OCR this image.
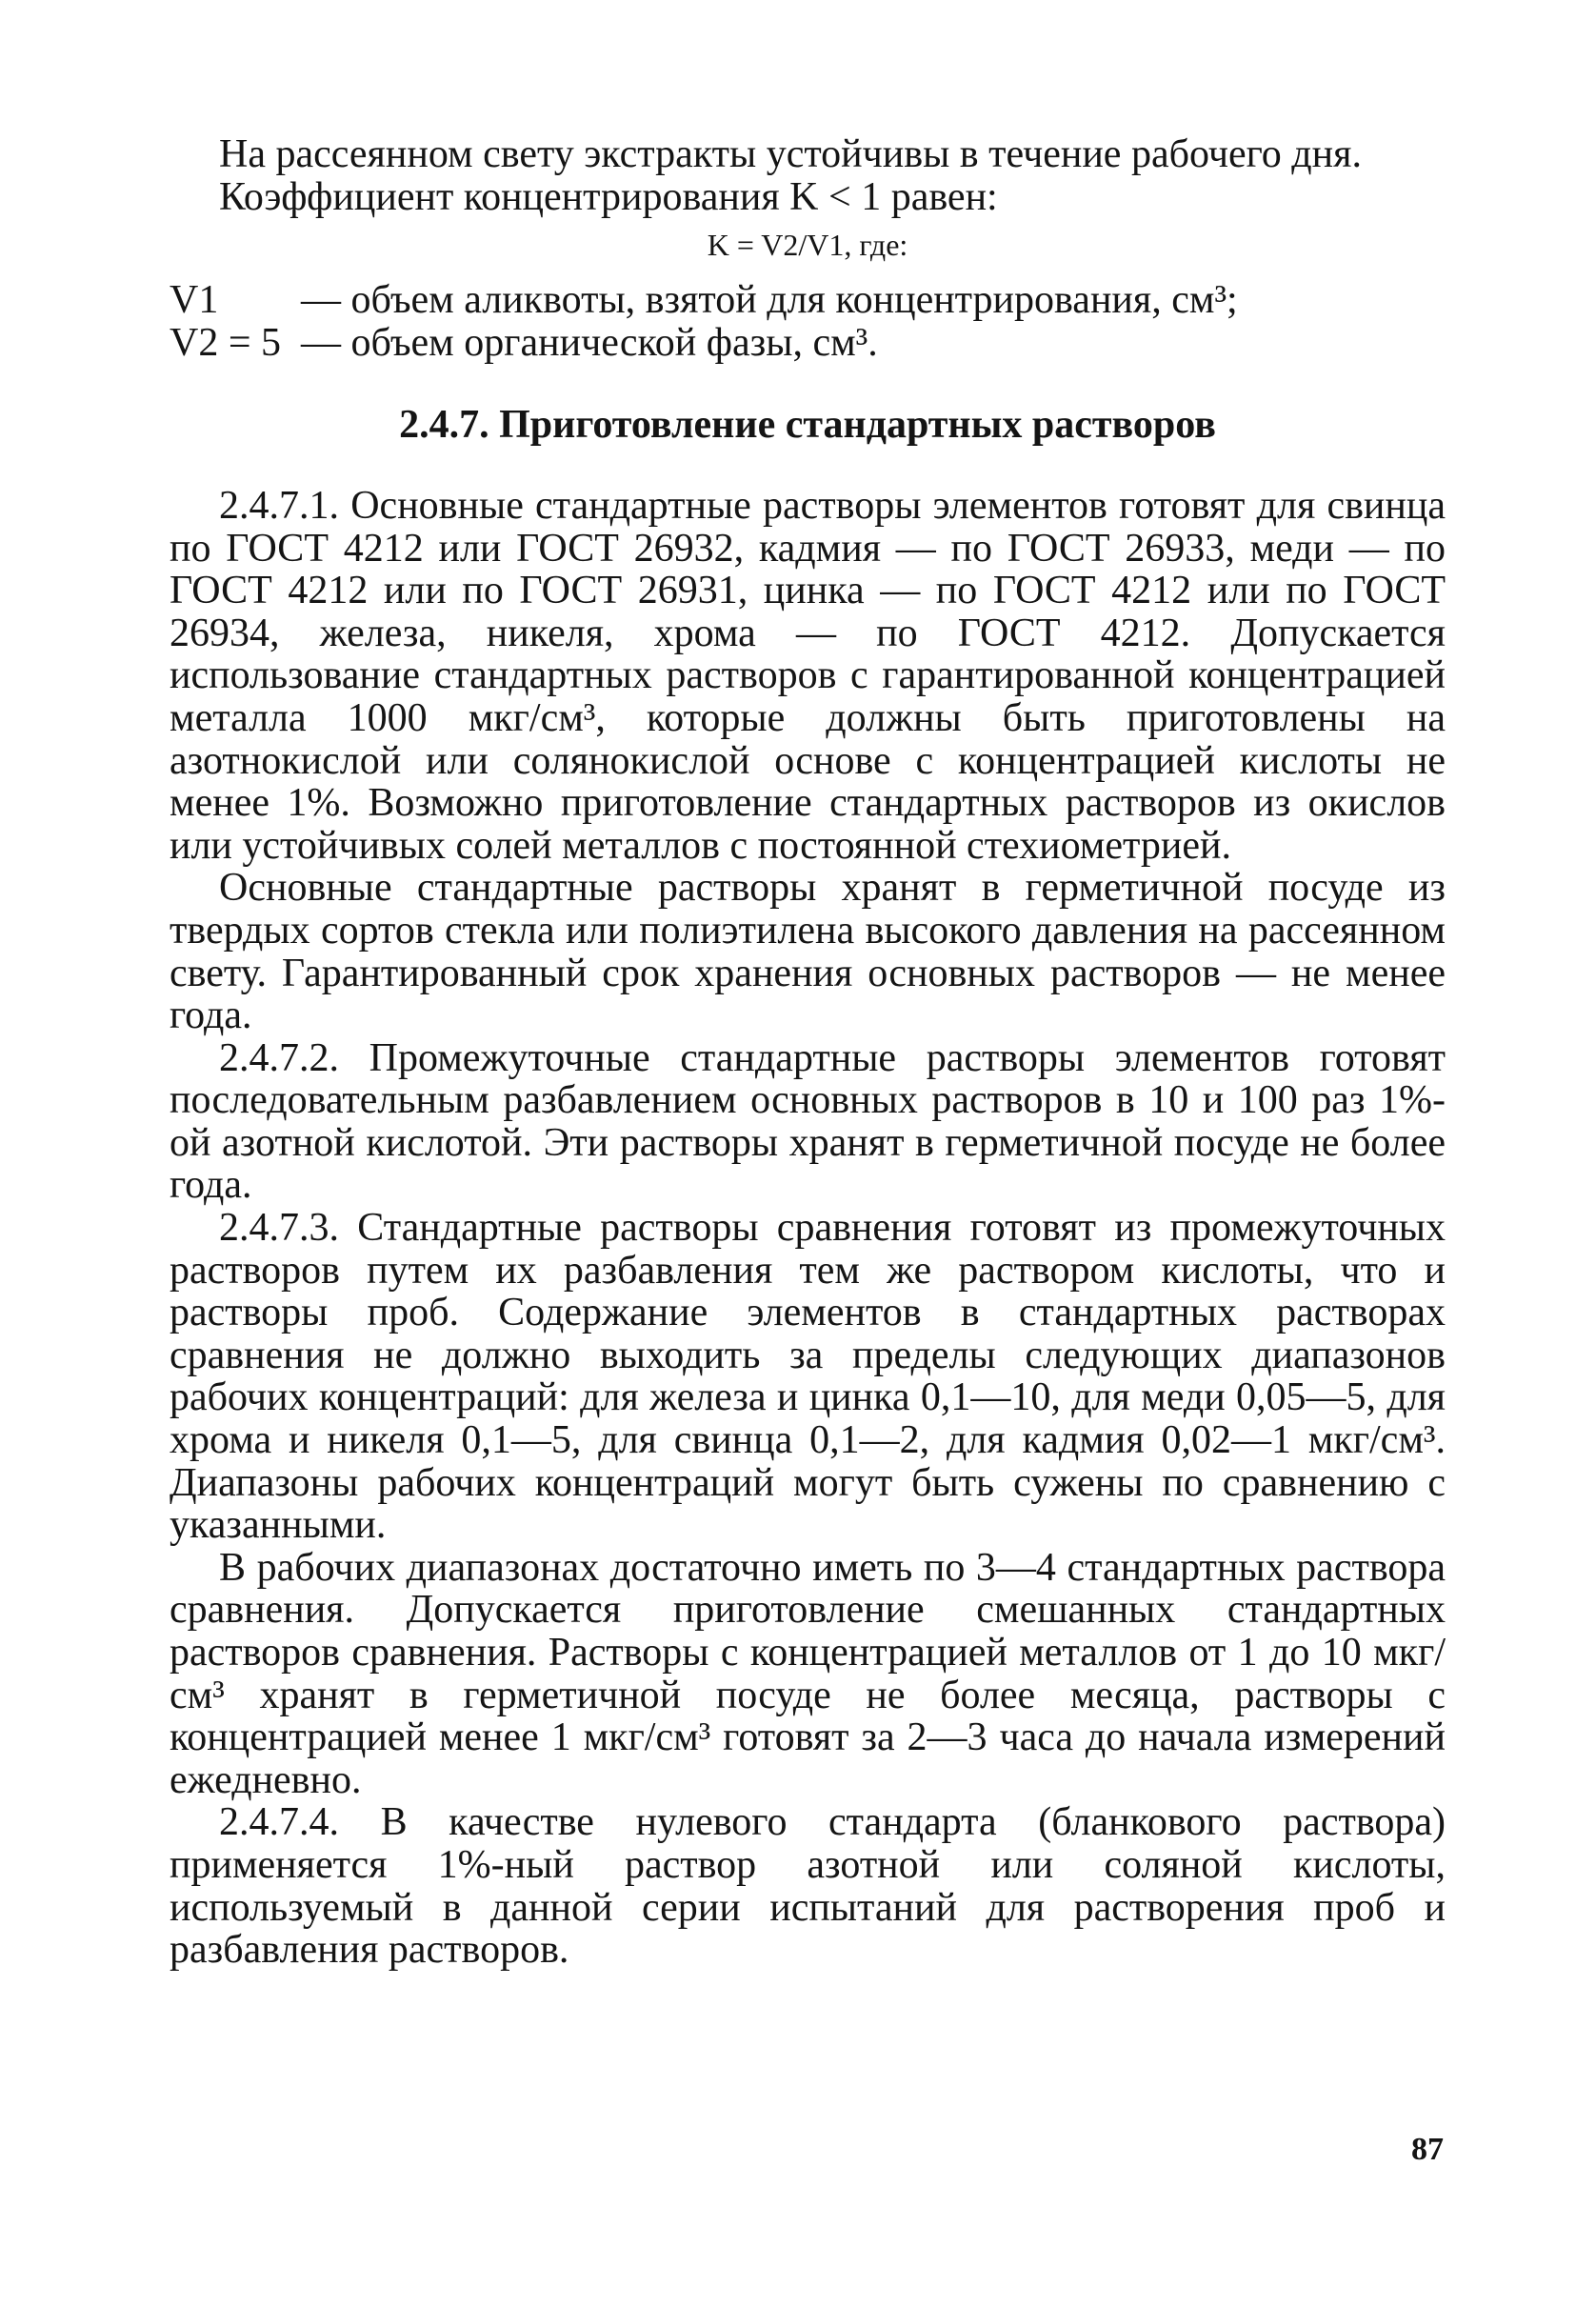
На рассеянном свету экстракты устойчивы в течение рабочего дня.

Коэффициент концентрирования K < 1 равен:

K = V2/V1, где:
V1	— объем аликвоты, взятой для концентрирования, см³;
V2 = 5 — объем органической фазы, см³.
2.4.7. Приготовление стандартных растворов

2.4.7.1. Основные стандартные растворы элементов готовят для свинца по ГОСТ 4212 или ГОСТ 26932, кадмия — по ГОСТ 26933, меди — по ГОСТ 4212 или по ГОСТ 26931, цинка — по ГОСТ 4212 или по ГОСТ 26934, железа, никеля, хрома — по ГОСТ 4212. Допускается использование стандартных растворов с гарантированной концентрацией металла 1000 мкг/см³, которые должны быть приготовлены на азотнокислой или солянокислой основе с концентрацией кислоты не менее 1%. Возможно приготовление стандартных растворов из окислов или устойчивых солей металлов с постоянной стехиометрией.

Основные стандартные растворы хранят в герметичной посуде из твердых сортов стекла или полиэтилена высокого давления на рассеянном свету. Гарантированный срок хранения основных растворов — не менее года.

2.4.7.2. Промежуточные стандартные растворы элементов готовят последовательным разбавлением основных растворов в 10 и 100 раз 1%-ой азотной кислотой. Эти растворы хранят в герметичной посуде не более года.

2.4.7.3. Стандартные растворы сравнения готовят из промежуточных растворов путем их разбавления тем же раствором кислоты, что и растворы проб. Содержание элементов в стандартных растворах сравнения не должно выходить за пределы следующих диапазонов рабочих концентраций: для железа и цинка 0,1—10, для меди 0,05—5, для хрома и никеля 0,1—5, для свинца 0,1—2, для кадмия 0,02—1 мкг/см³. Диапазоны рабочих концентраций могут быть сужены по сравнению с указанными.

В рабочих диапазонах достаточно иметь по 3—4 стандартных раствора сравнения. Допускается приготовление смешанных стандартных растворов сравнения. Растворы с концентрацией металлов от 1 до 10 мкг/см³ хранят в герметичной посуде не более месяца, растворы с концентрацией менее 1 мкг/см³ готовят за 2—3 часа до начала измерений ежедневно.

2.4.7.4. В качестве нулевого стандарта (бланкового раствора) применяется 1%-ный раствор азотной или соляной кислоты, используемый в данной серии испытаний для растворения проб и разбавления растворов.

87
